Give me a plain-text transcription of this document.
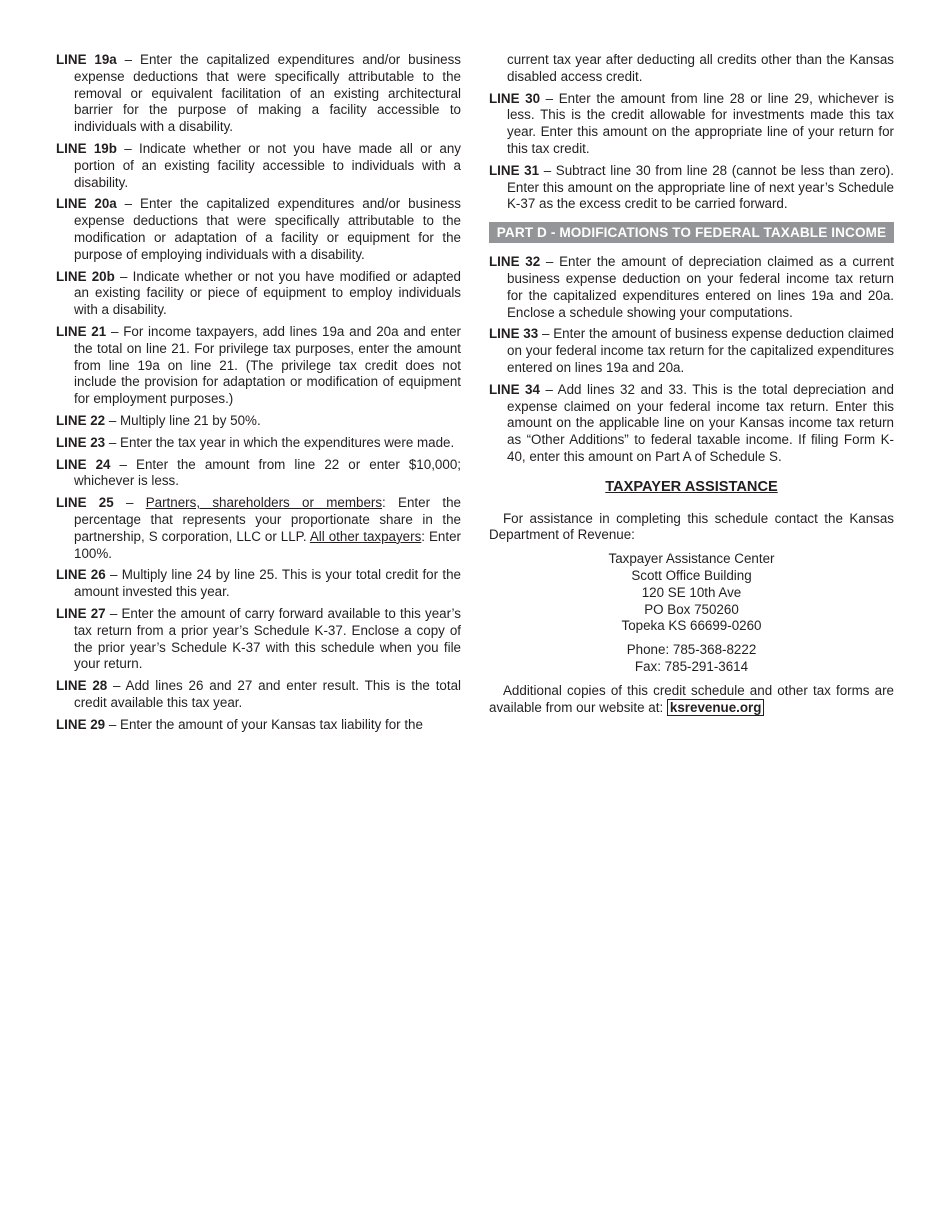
LINE 19a – Enter the capitalized expenditures and/or business expense deductions that were specifically attributable to the removal or equivalent facilitation of an existing architectural barrier for the purpose of making a facility accessible to individuals with a disability.

LINE 19b – Indicate whether or not you have made all or any portion of an existing facility accessible to individuals with a disability.

LINE 20a – Enter the capitalized expenditures and/or business expense deductions that were specifically attributable to the modification or adaptation of a facility or equipment for the purpose of employing individuals with a disability.

LINE 20b – Indicate whether or not you have modified or adapted an existing facility or piece of equipment to employ individuals with a disability.

LINE 21 – For income taxpayers, add lines 19a and 20a and enter the total on line 21. For privilege tax purposes, enter the amount from line 19a on line 21. (The privilege tax credit does not include the provision for adaptation or modification of equipment for employment purposes.)

LINE 22 – Multiply line 21 by 50%.

LINE 23 – Enter the tax year in which the expenditures were made.

LINE 24 – Enter the amount from line 22 or enter $10,000; whichever is less.

LINE 25 – Partners, shareholders or members: Enter the percentage that represents your proportionate share in the partnership, S corporation, LLC or LLP. All other taxpayers: Enter 100%.

LINE 26 – Multiply line 24 by line 25. This is your total credit for the amount invested this year.

LINE 27 – Enter the amount of carry forward available to this year’s tax return from a prior year’s Schedule K-37. Enclose a copy of the prior year’s Schedule K-37 with this schedule when you file your return.

LINE 28 – Add lines 26 and 27 and enter result. This is the total credit available this tax year.

LINE 29 – Enter the amount of your Kansas tax liability for the

current tax year after deducting all credits other than the Kansas disabled access credit.

LINE 30 – Enter the amount from line 28 or line 29, whichever is less. This is the credit allowable for investments made this tax year. Enter this amount on the appropriate line of your return for this tax credit.

LINE 31 – Subtract line 30 from line 28 (cannot be less than zero). Enter this amount on the appropriate line of next year’s Schedule K-37 as the excess credit to be carried forward.

PART D - MODIFICATIONS TO FEDERAL TAXABLE INCOME

LINE 32 – Enter the amount of depreciation claimed as a current business expense deduction on your federal income tax return for the capitalized expenditures entered on lines 19a and 20a. Enclose a schedule showing your computations.

LINE 33 – Enter the amount of business expense deduction claimed on your federal income tax return for the capitalized expenditures entered on lines 19a and 20a.

LINE 34 – Add lines 32 and 33. This is the total depreciation and expense claimed on your federal income tax return. Enter this amount on the applicable line on your Kansas income tax return as “Other Additions” to federal taxable income. If filing Form K-40, enter this amount on Part A of Schedule S.

TAXPAYER ASSISTANCE

For assistance in completing this schedule contact the Kansas Department of Revenue:

Taxpayer Assistance Center
Scott Office Building
120 SE 10th Ave
PO Box 750260
Topeka KS 66699-0260
Phone: 785-368-8222
Fax: 785-291-3614

Additional copies of this credit schedule and other tax forms are available from our website at: ksrevenue.org
